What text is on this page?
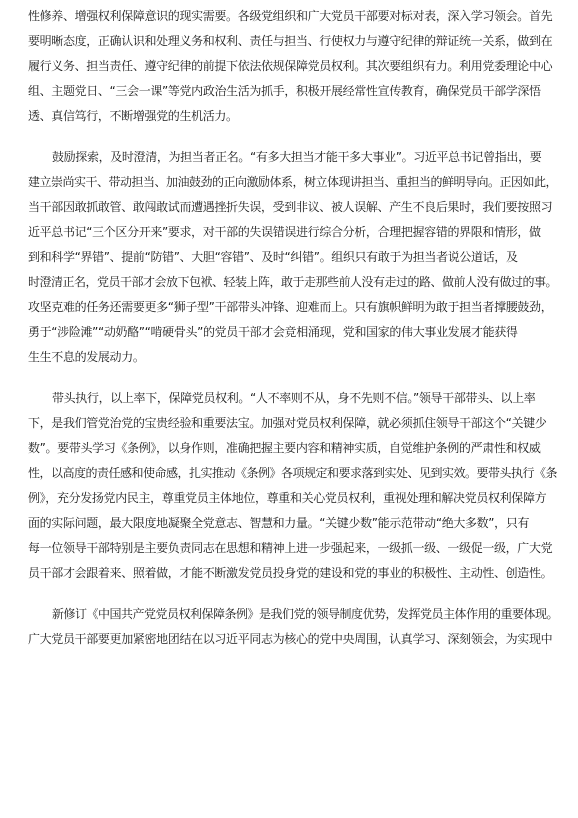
性修养、增强权利保障意识的现实需要。各级党组织和广大党员干部要对标对表，深入学习领会。首先
要明晰态度，正确认识和处理义务和权利、责任与担当、行使权力与遵守纪律的辩证统一关系，做到在
履行义务、担当责任、遵守纪律的前提下依法依规保障党员权利。其次要组织有力。利用党委理论中心
组、主题党日、“三会一课”等党内政治生活为抓手，积极开展经常性宣传教育，确保党员干部学深悟
透、真信笃行，不断增强党的生机活力。
鼓励探索，及时澄清，为担当者正名。“有多大担当才能干多大事业”。习近平总书记曾指出，要
建立崇尚实干、带动担当、加油鼓劲的正向激励体系，树立体现讲担当、重担当的鲜明导向。正因如此，
当干部因敢抓敢管、敢闯敢试而遭遇挫折失误，受到非议、被人误解、产生不良后果时，我们要按照习
近平总书记“三个区分开来”要求，对干部的失误错误进行综合分析，合理把握容错的界限和情形，做
到和科学“界错”、提前“防错”、大胆“容错”、及时“纠错”。组织只有敢于为担当者说公道话，及
时澄清正名，党员干部才会放下包袱、轻装上阵，敢于走那些前人没有走过的路、做前人没有做过的事。
攻坚克难的任务还需要更多“狮子型”干部带头冲锋、迎难而上。只有旗帜鲜明为敢于担当者撑腰鼓劲，
勇于“涉险滩”“动奶酪”“啃硬骨头”的党员干部才会竞相涌现，党和国家的伟大事业发展才能获得
生生不息的发展动力。
带头执行，以上率下，保障党员权利。“人不率则不从，身不先则不信。”领导干部带头、以上率
下，是我们管党治党的宝贵经验和重要法宝。加强对党员权利保障，就必须抓住领导干部这个“关键少
数”。要带头学习《条例》，以身作则，准确把握主要内容和精神实质，自觉维护条例的严肃性和权威
性，以高度的责任感和使命感，扎实推动《条例》各项规定和要求落到实处、见到实效。要带头执行《条
例》，充分发扬党内民主，尊重党员主体地位，尊重和关心党员权利，重视处理和解决党员权利保障方
面的实际问题，最大限度地凝聚全党意志、智慧和力量。“关键少数”能示范带动“绝大多数”，只有
每一位领导干部特别是主要负责同志在思想和精神上进一步强起来，一级抓一级、一级促一级，广大党
员干部才会跟着来、照着做，才能不断激发党员投身党的建设和党的事业的积极性、主动性、创造性。
新修订《中国共产党党员权利保障条例》是我们党的领导制度优势，发挥党员主体作用的重要体现。
广大党员干部要更加紧密地团结在以习近平同志为核心的党中央周围，认真学习、深刻领会，为实现中
